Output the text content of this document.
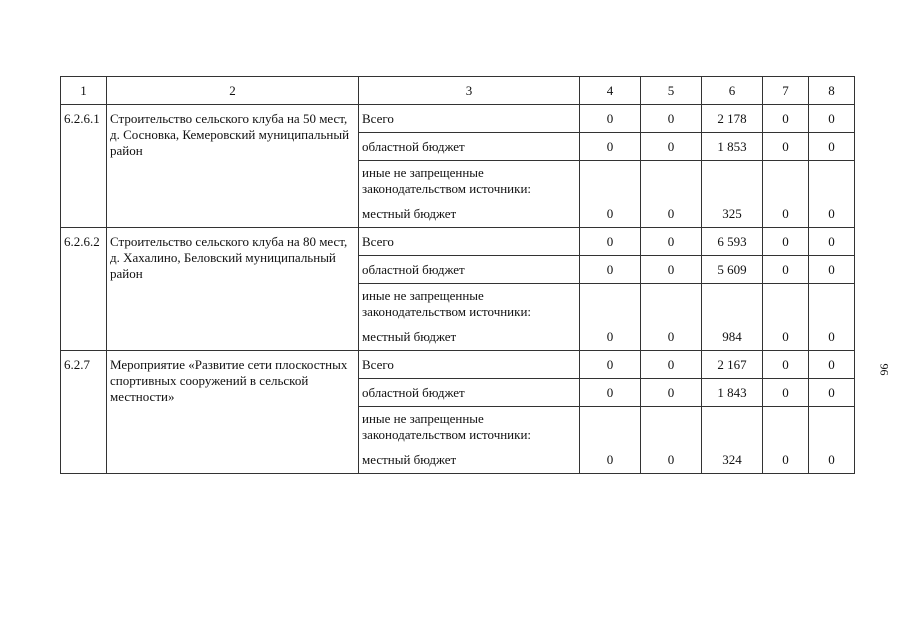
1	2	3	4	5	6	7	8
6.2.6.1	Строительство сельского клуба на 50 мест, д. Сосновка, Кемеровский муниципальный район	Всего	0	0	2 178	0	0
		областной бюджет	0	0	1 853	0	0
		иные не запрещенные законодательством источники:					
		местный бюджет	0	0	325	0	0
6.2.6.2	Строительство сельского клуба на 80 мест, д. Хахалино, Беловский муниципальный район	Всего	0	0	6 593	0	0
		областной бюджет	0	0	5 609	0	0
		иные не запрещенные законодательством источники:					
		местный бюджет	0	0	984	0	0
6.2.7	Мероприятие «Развитие сети плоскостных спортивных сооружений в сельской местности»	Всего	0	0	2 167	0	0
		областной бюджет	0	0	1 843	0	0
		иные не запрещенные законодательством источники:					
		местный бюджет	0	0	324	0	0
96
